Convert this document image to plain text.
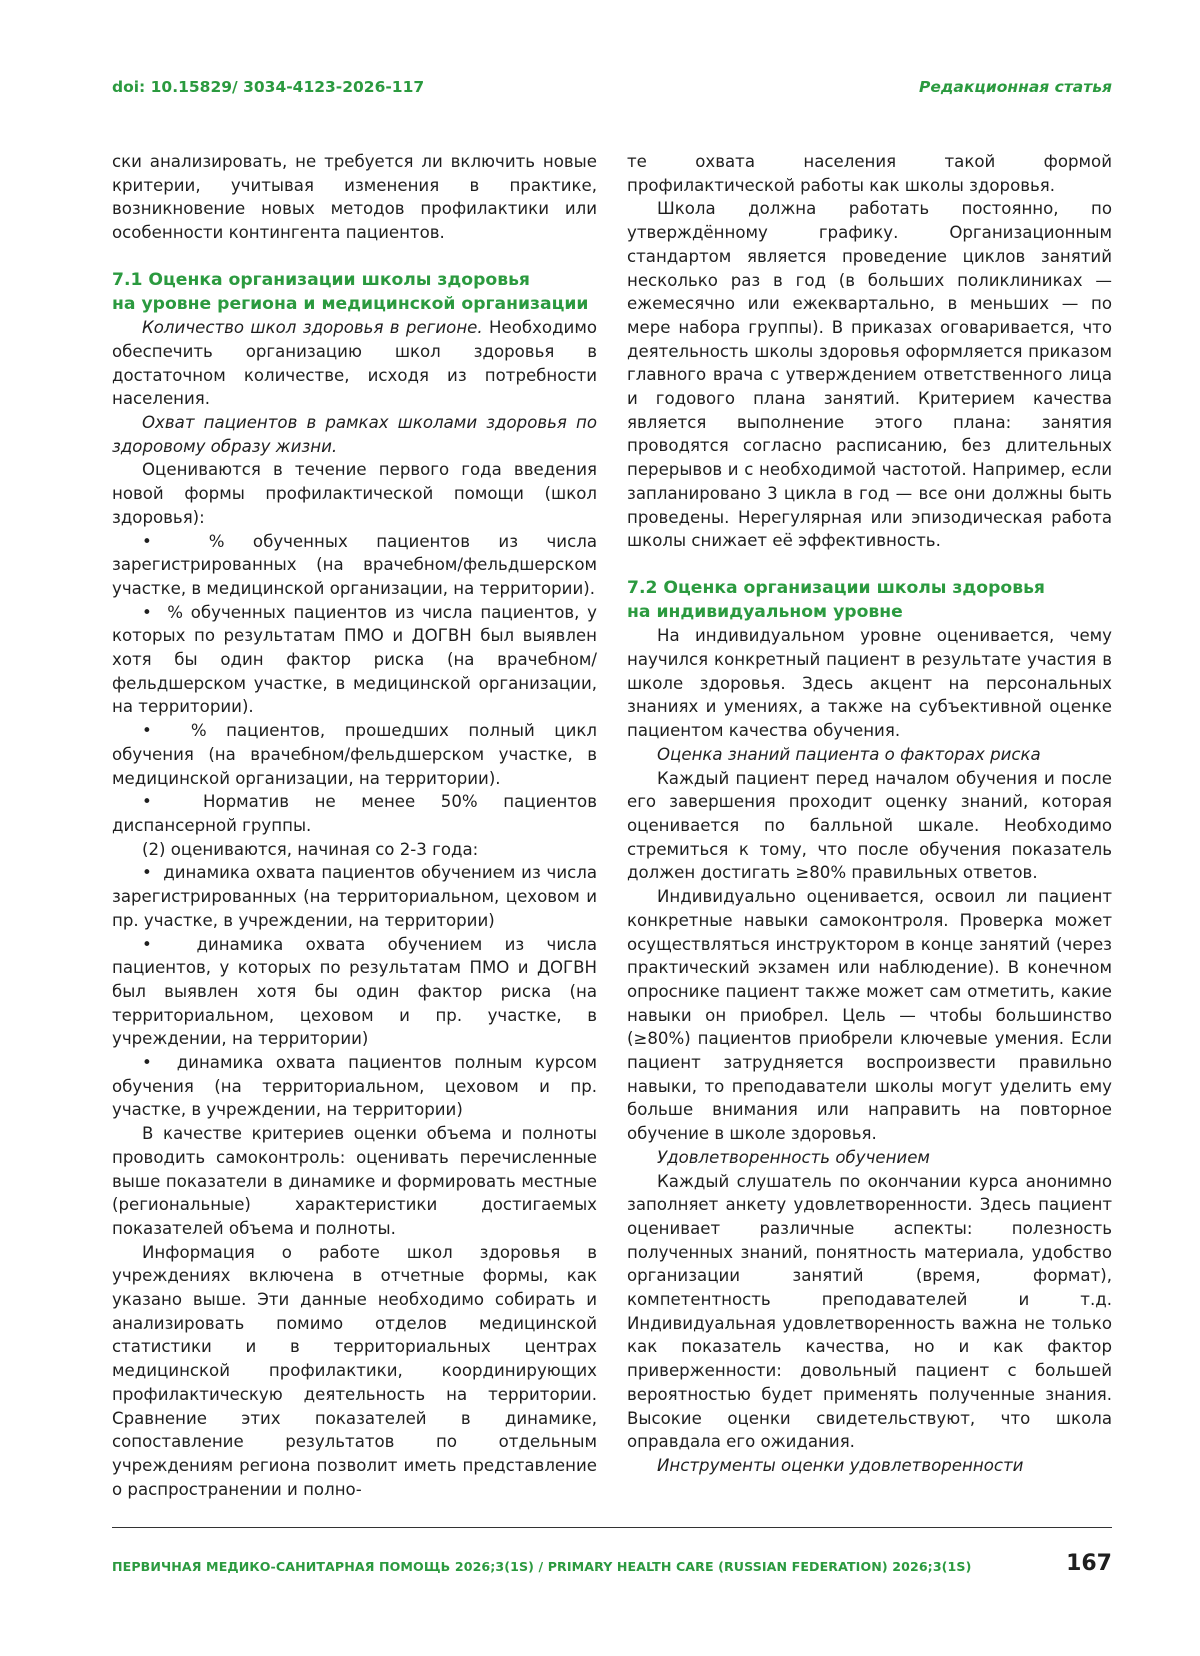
doi: 10.15829/ 3034-4123-2026-117	Редакционная статья

ски анализировать, не требуется ли включить новые критерии, учитывая изменения в практике, возникновение новых методов профилактики или особенности контингента пациентов.

7.1 Оценка организации школы здоровья
на уровне региона и медицинской организации

Количество школ здоровья в регионе. Необходимо обеспечить организацию школ здоровья в достаточном количестве, исходя из потребности населения.

Охват пациентов в рамках школами здоровья по здоровому образу жизни.

Оцениваются в течение первого года введения новой формы профилактической помощи (школ здоровья):

•  % обученных пациентов из числа зарегистрированных (на врачебном/фельдшерском участке, в медицинской организации, на территории).

•  % обученных пациентов из числа пациентов, у которых по результатам ПМО и ДОГВН был выявлен хотя бы один фактор риска (на врачебном/фельдшерском участке, в медицинской организации, на территории).

•  % пациентов, прошедших полный цикл обучения (на врачебном/фельдшерском участке, в медицинской организации, на территории).

•  Норматив не менее 50% пациентов диспансерной группы.

(2) оцениваются, начиная со 2-3 года:

•  динамика охвата пациентов обучением из числа зарегистрированных (на территориальном, цеховом и пр. участке, в учреждении, на территории)

•  динамика охвата обучением из числа пациентов, у которых по результатам ПМО и ДОГВН был выявлен хотя бы один фактор риска (на территориальном, цеховом и пр. участке, в учреждении, на территории)

•  динамика охвата пациентов полным курсом обучения (на территориальном, цеховом и пр. участке, в учреждении, на территории)

В качестве критериев оценки объема и полноты проводить самоконтроль: оценивать перечисленные выше показатели в динамике и формировать местные (региональные) характеристики достигаемых показателей объема и полноты.

Информация о работе школ здоровья в учреждениях включена в отчетные формы, как указано выше. Эти данные необходимо собирать и анализировать помимо отделов медицинской статистики и в территориальных центрах медицинской профилактики, координирующих профилактическую деятельность на территории. Сравнение этих показателей в динамике, сопоставление результатов по отдельным учреждениям региона позволит иметь представление о распространении и полно-

те охвата населения такой формой профилактической работы как школы здоровья.

Школа должна работать постоянно, по утверждённому графику. Организационным стандартом является проведение циклов занятий несколько раз в год (в больших поликлиниках — ежемесячно или ежеквартально, в меньших — по мере набора группы). В приказах оговаривается, что деятельность школы здоровья оформляется приказом главного врача с утверждением ответственного лица и годового плана занятий. Критерием качества является выполнение этого плана: занятия проводятся согласно расписанию, без длительных перерывов и с необходимой частотой. Например, если запланировано 3 цикла в год — все они должны быть проведены. Нерегулярная или эпизодическая работа школы снижает её эффективность.

7.2 Оценка организации школы здоровья
на индивидуальном уровне

На индивидуальном уровне оценивается, чему научился конкретный пациент в результате участия в школе здоровья. Здесь акцент на персональных знаниях и умениях, а также на субъективной оценке пациентом качества обучения.

Оценка знаний пациента о факторах риска

Каждый пациент перед началом обучения и после его завершения проходит оценку знаний, которая оценивается по балльной шкале. Необходимо стремиться к тому, что после обучения показатель должен достигать ≥80% правильных ответов.

Индивидуально оценивается, освоил ли пациент конкретные навыки самоконтроля. Проверка может осуществляться инструктором в конце занятий (через практический экзамен или наблюдение). В конечном опроснике пациент также может сам отметить, какие навыки он приобрел. Цель — чтобы большинство (≥80%) пациентов приобрели ключевые умения. Если пациент затрудняется воспроизвести правильно навыки, то преподаватели школы могут уделить ему больше внимания или направить на повторное обучение в школе здоровья.

Удовлетворенность обучением

Каждый слушатель по окончании курса анонимно заполняет анкету удовлетворенности. Здесь пациент оценивает различные аспекты: полезность полученных знаний, понятность материала, удобство организации занятий (время, формат), компетентность преподавателей и т.д. Индивидуальная удовлетворенность важна не только как показатель качества, но и как фактор приверженности: довольный пациент с большей вероятностью будет применять полученные знания. Высокие оценки свидетельствуют, что школа оправдала его ожидания.

Инструменты оценки удовлетворенности

ПЕРВИЧНАЯ МЕДИКО-САНИТАРНАЯ ПОМОЩЬ 2026;3(1S) / PRIMARY HEALTH CARE (RUSSIAN FEDERATION) 2026;3(1S)	167
